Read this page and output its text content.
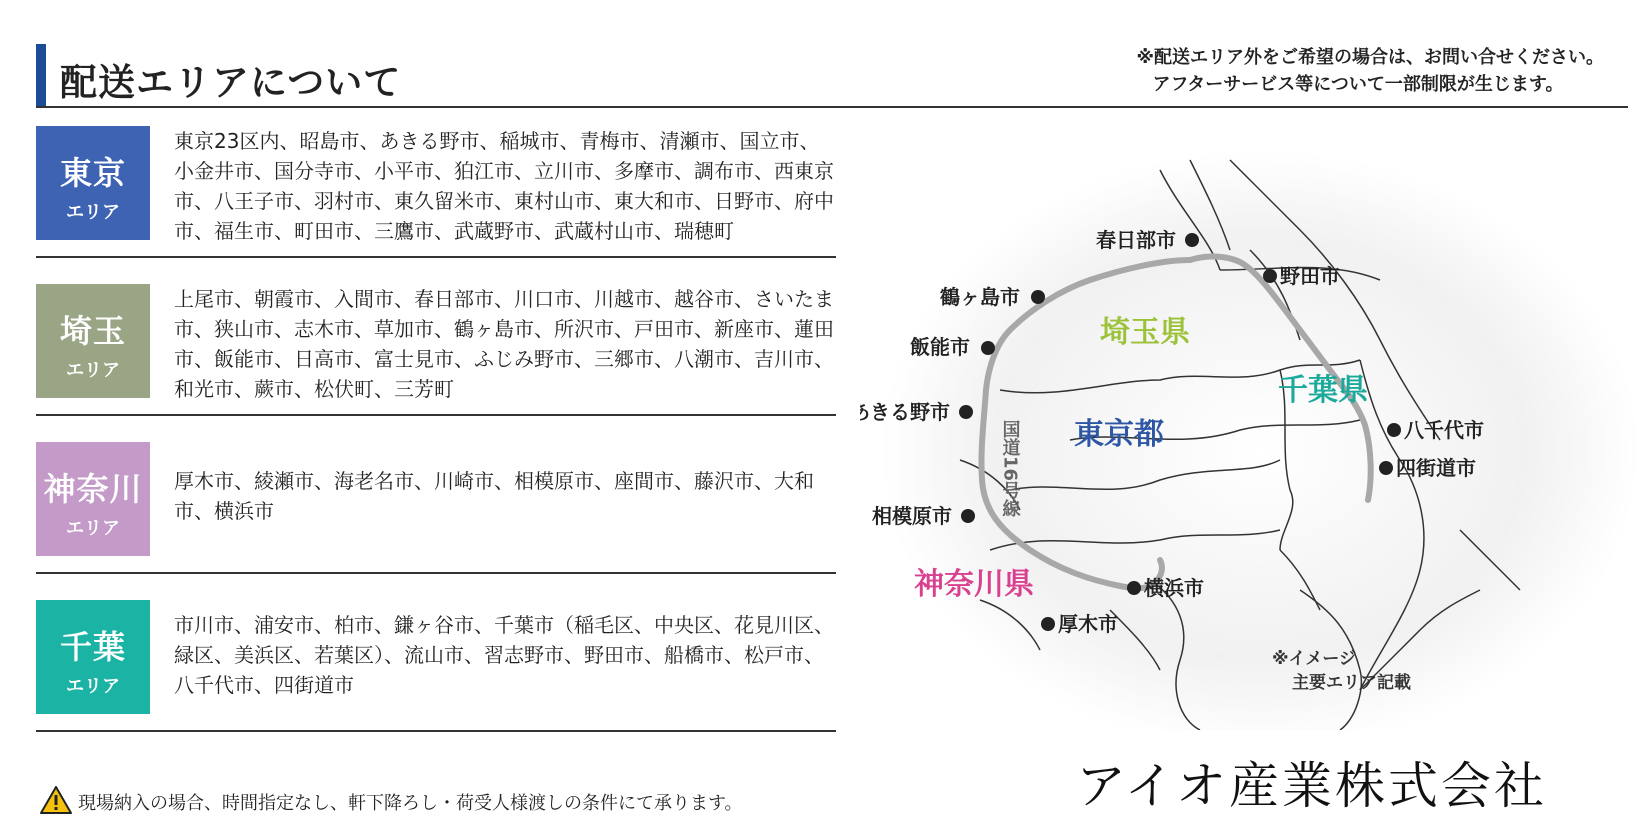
配送エリアについて
※配送エリア外をご希望の場合は、お問い合せください。
アフターサービス等について一部制限が生じます。
東京
エリア
東京23区内、昭島市、あきる野市、稲城市、青梅市、清瀬市、国立市、小金井市、国分寺市、小平市、狛江市、立川市、多摩市、調布市、西東京市、八王子市、羽村市、東久留米市、東村山市、東大和市、日野市、府中市、福生市、町田市、三鷹市、武蔵野市、武蔵村山市、瑞穂町
埼玉
エリア
上尾市、朝霞市、入間市、春日部市、川口市、川越市、越谷市、さいたま市、狭山市、志木市、草加市、鶴ヶ島市、所沢市、戸田市、新座市、蓮田市、飯能市、日高市、富士見市、ふじみ野市、三郷市、八潮市、吉川市、和光市、蕨市、松伏町、三芳町
神奈川
エリア
厚木市、綾瀬市、海老名市、川崎市、相模原市、座間市、藤沢市、大和市、横浜市
千葉
エリア
市川市、浦安市、柏市、鎌ヶ谷市、千葉市（稲毛区、中央区、花見川区、緑区、美浜区、若葉区）、流山市、習志野市、野田市、船橋市、松戸市、八千代市、四街道市
現場納入の場合、時間指定なし、軒下降ろし・荷受人様渡しの条件にて承ります。
国道16号線
埼玉県
東京都
千葉県
神奈川県
春日部市
野田市
鶴ヶ島市
飯能市
あきる野市
八千代市
四街道市
相模原市
横浜市
厚木市
※イメージ
主要エリア記載
アイオ産業株式会社
